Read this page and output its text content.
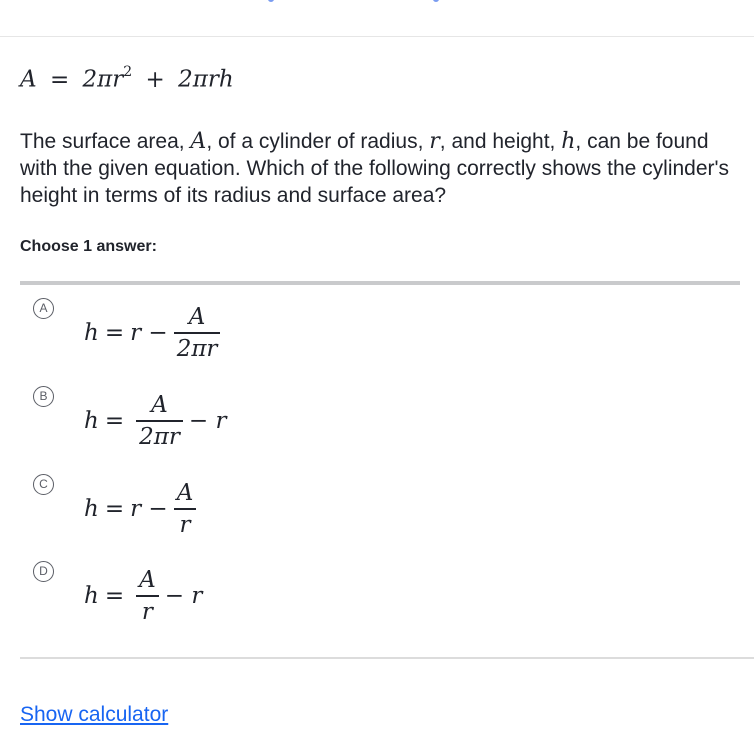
$A = 2\pi r^2 + 2\pi rh$
The surface area, A, of a cylinder of radius, r, and height, h, can be found with the given equation. Which of the following correctly shows the cylinder's height in terms of its radius and surface area?
Choose 1 answer:
A
$h = r - \frac{A}{2\pi r}$
B
$h = \frac{A}{2\pi r} - r$
C
$h = r - \frac{A}{r}$
D
$h = \frac{A}{r} - r$
Show calculator
